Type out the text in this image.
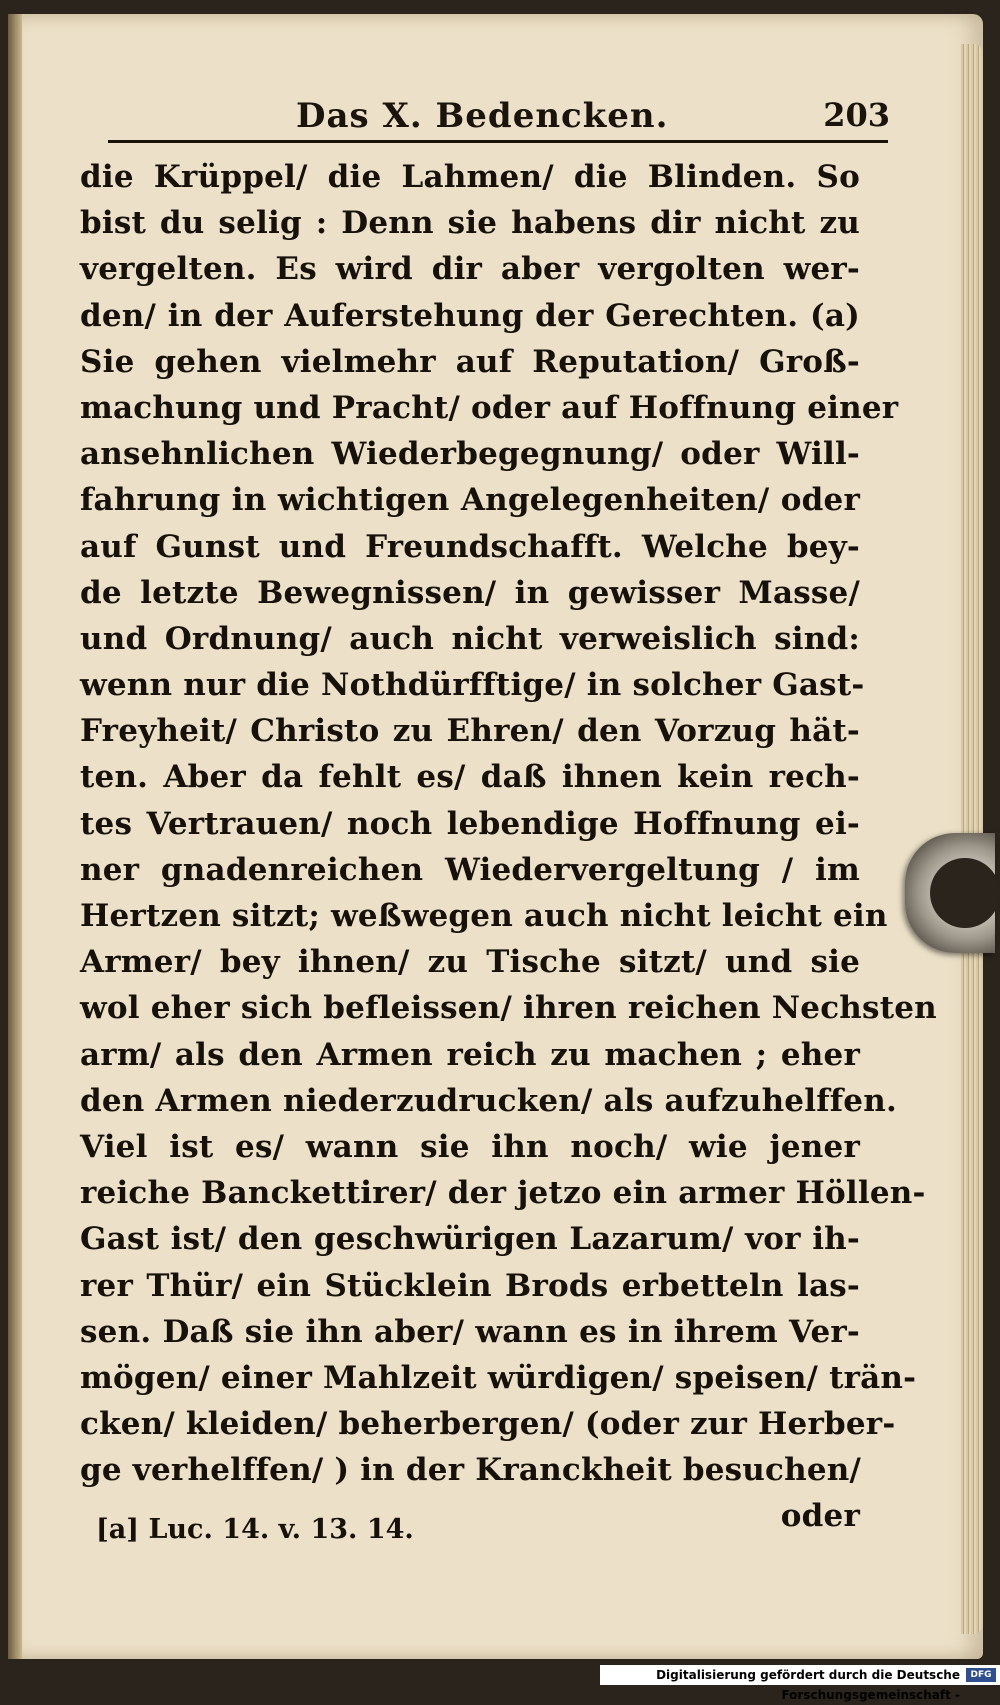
Das X. Bedencken.	203
die Krüppel/ die Lahmen/ die Blinden. So
bist du selig : Denn sie habens dir nicht zu
vergelten. Es wird dir aber vergolten wer-
den/ in der Auferstehung der Gerechten. (a)
Sie gehen vielmehr auf Reputation/ Groß-
machung und Pracht/ oder auf Hoffnung einer
ansehnlichen Wiederbegegnung/ oder Will-
fahrung in wichtigen Angelegenheiten/ oder
auf Gunst und Freundschafft. Welche bey-
de letzte Bewegnissen/ in gewisser Masse/
und Ordnung/ auch nicht verweislich sind:
wenn nur die Nothdürfftige/ in solcher Gast-
Freyheit/ Christo zu Ehren/ den Vorzug hät-
ten. Aber da fehlt es/ daß ihnen kein rech-
tes Vertrauen/ noch lebendige Hoffnung ei-
ner gnadenreichen Wiedervergeltung / im
Hertzen sitzt; weßwegen auch nicht leicht ein
Armer/ bey ihnen/ zu Tische sitzt/ und sie
wol eher sich befleissen/ ihren reichen Nechsten
arm/ als den Armen reich zu machen ; eher
den Armen niederzudrucken/ als aufzuhelffen.
Viel ist es/ wann sie ihn noch/ wie jener
reiche Banckettirer/ der jetzo ein armer Höllen-
Gast ist/ den geschwürigen Lazarum/ vor ih-
rer Thür/ ein Stücklein Brods erbetteln las-
sen. Daß sie ihn aber/ wann es in ihrem Ver-
mögen/ einer Mahlzeit würdigen/ speisen/ trän-
cken/ kleiden/ beherbergen/ (oder zur Herber-
ge verhelffen/ ) in der Kranckheit besuchen/
oder
[a] Luc. 14. v. 13. 14.
Digitalisierung gefördert durch die Deutsche Forschungsgemeinschaft -
DFG
